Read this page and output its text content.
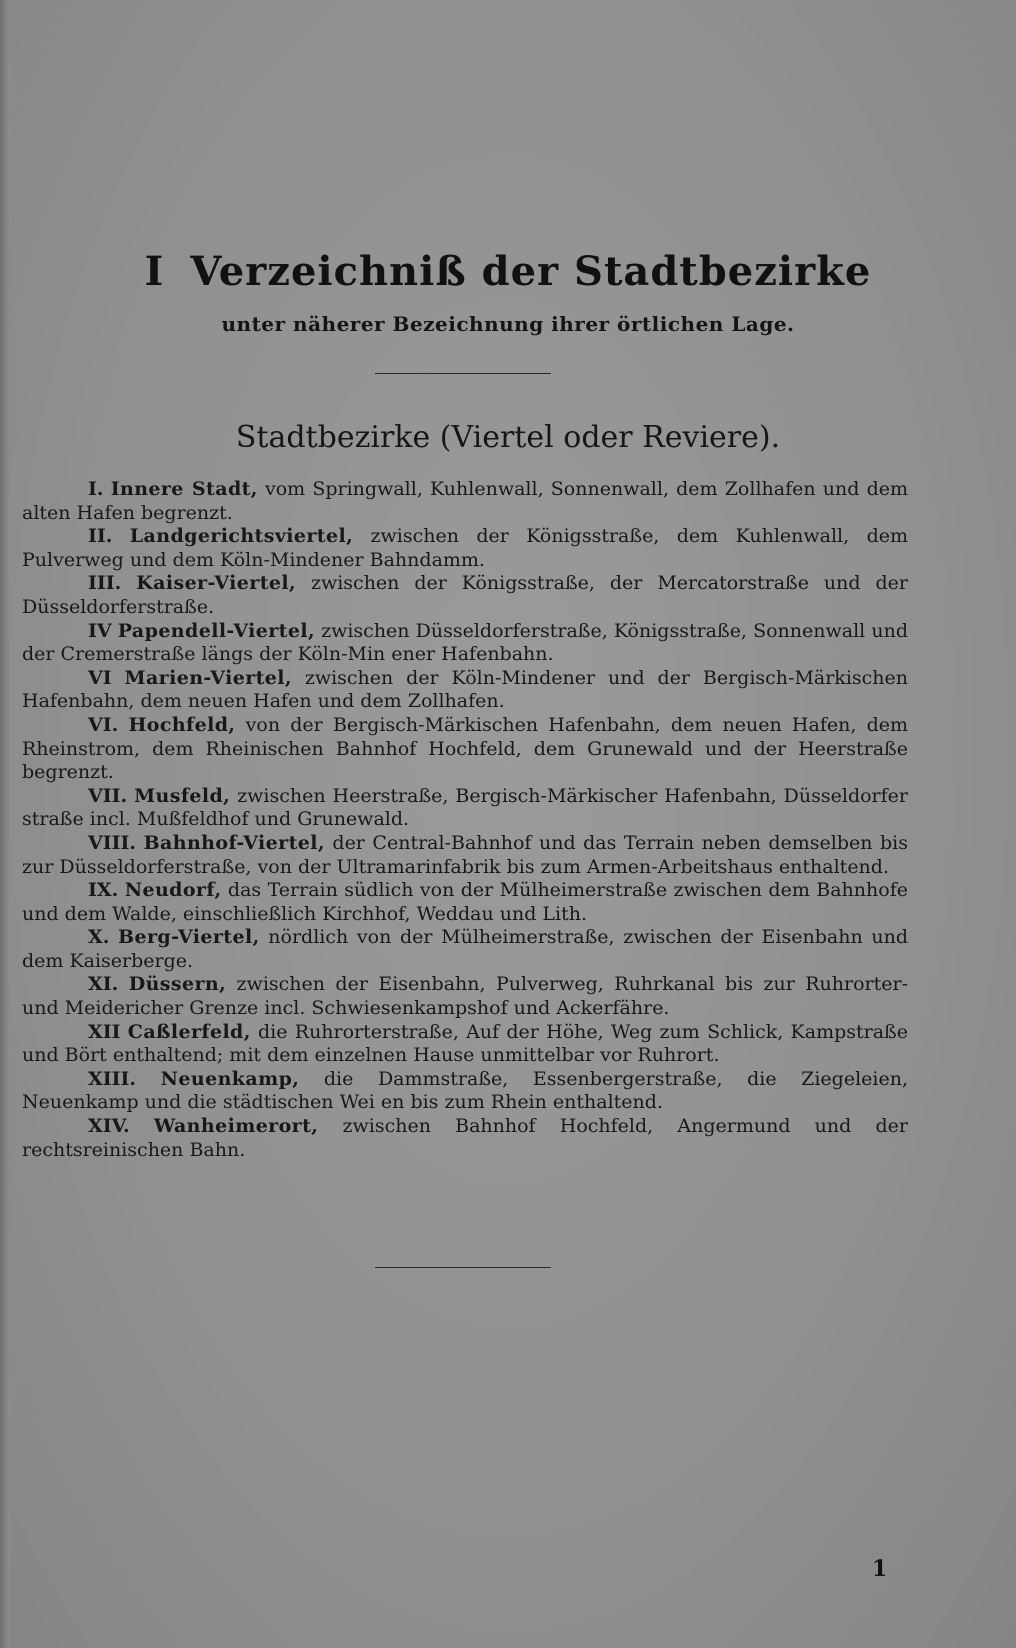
I Verzeichniß der Stadtbezirke
unter näherer Bezeichnung ihrer örtlichen Lage.
Stadtbezirke (Viertel oder Reviere).

I. Innere Stadt, vom Springwall, Kuhlenwall, Sonnenwall, dem Zollhafen und dem alten Hafen begrenzt.

II. Landgerichtsviertel, zwischen der Königsstraße, dem Kuhlenwall, dem Pulverweg und dem Köln-Mindener Bahndamm.

III. Kaiser-Viertel, zwischen der Königsstraße, der Mercatorstraße und der Düsseldorferstraße.

IV Papendell-Viertel, zwischen Düsseldorferstraße, Königsstraße, Sonnenwall und der Cremerstraße längs der Köln-Min ener Hafenbahn.

VI Marien-Viertel, zwischen der Köln-Mindener und der Bergisch-Märkischen Hafenbahn, dem neuen Hafen und dem Zollhafen.

VI. Hochfeld, von der Bergisch-Märkischen Hafenbahn, dem neuen Hafen, dem Rheinstrom, dem Rheinischen Bahnhof Hochfeld, dem Grunewald und der Heerstraße begrenzt.

VII. Musfeld, zwischen Heerstraße, Bergisch-Märkischer Hafenbahn, Düsseldorfer straße incl. Mußfeldhof und Grunewald.

VIII. Bahnhof-Viertel, der Central-Bahnhof und das Terrain neben demselben bis zur Düsseldorferstraße, von der Ultramarinfabrik bis zum Armen-Arbeitshaus enthaltend.

IX. Neudorf, das Terrain südlich von der Mülheimerstraße zwischen dem Bahnhofe und dem Walde, einschließlich Kirchhof, Weddau und Lith.

X. Berg-Viertel, nördlich von der Mülheimerstraße, zwischen der Eisenbahn und dem Kaiserberge.

XI. Düssern, zwischen der Eisenbahn, Pulverweg, Ruhrkanal bis zur Ruhrorter- und Meidericher Grenze incl. Schwiesenkampshof und Ackerfähre.

XII Caßlerfeld, die Ruhrorterstraße, Auf der Höhe, Weg zum Schlick, Kampstraße und Bört enthaltend; mit dem einzelnen Hause unmittelbar vor Ruhrort.

XIII. Neuenkamp, die Dammstraße, Essenbergerstraße, die Ziegeleien, Neuenkamp und die städtischen Wei en bis zum Rhein enthaltend.

XIV. Wanheimerort, zwischen Bahnhof Hochfeld, Angermund und der rechtsreinischen Bahn.

1
